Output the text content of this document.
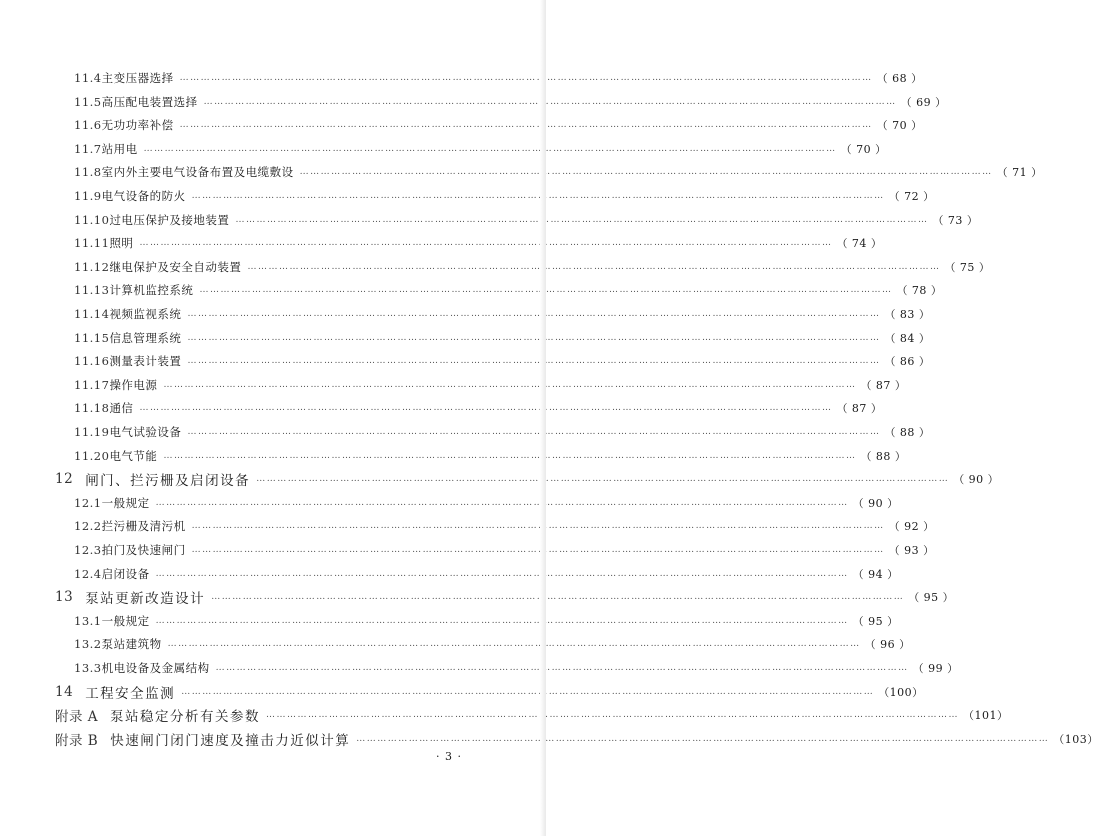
11.4 主变压器选择 ………………………………………………………………………………………………………………………………………………………………………………	（ 68 ）
11.5 高压配电装置选择 ………………………………………………………………………………………………………………………………………………………………………………	（ 69 ）
11.6 无功功率补偿 ………………………………………………………………………………………………………………………………………………………………………………	（ 70 ）
11.7 站用电 ………………………………………………………………………………………………………………………………………………………………………………	（ 70 ）
11.8 室内外主要电气设备布置及电缆敷设 ………………………………………………………………………………………………………………………………………………………………………………	（ 71 ）
11.9 电气设备的防火 ………………………………………………………………………………………………………………………………………………………………………………	（ 72 ）
11.10 过电压保护及接地装置 ………………………………………………………………………………………………………………………………………………………………………………	（ 73 ）
11.11 照明 ………………………………………………………………………………………………………………………………………………………………………………	（ 74 ）
11.12 继电保护及安全自动装置 ………………………………………………………………………………………………………………………………………………………………………………	（ 75 ）
11.13 计算机监控系统 ………………………………………………………………………………………………………………………………………………………………………………	（ 78 ）
11.14 视频监视系统 ………………………………………………………………………………………………………………………………………………………………………………	（ 83 ）
11.15 信息管理系统 ………………………………………………………………………………………………………………………………………………………………………………	（ 84 ）
11.16 测量表计装置 ………………………………………………………………………………………………………………………………………………………………………………	（ 86 ）
11.17 操作电源 ………………………………………………………………………………………………………………………………………………………………………………	（ 87 ）
11.18 通信 ………………………………………………………………………………………………………………………………………………………………………………	（ 87 ）
11.19 电气试验设备 ………………………………………………………………………………………………………………………………………………………………………………	（ 88 ）
11.20 电气节能 ………………………………………………………………………………………………………………………………………………………………………………	（ 88 ）
12 闸门、拦污栅及启闭设备 ………………………………………………………………………………………………………………………………………………………………………………	（ 90 ）
12.1 一般规定 ………………………………………………………………………………………………………………………………………………………………………………	（ 90 ）
12.2 拦污栅及清污机 ………………………………………………………………………………………………………………………………………………………………………………	（ 92 ）
12.3 拍门及快速闸门 ………………………………………………………………………………………………………………………………………………………………………………	（ 93 ）
12.4 启闭设备 ………………………………………………………………………………………………………………………………………………………………………………	（ 94 ）
13 泵站更新改造设计 ………………………………………………………………………………………………………………………………………………………………………………	（ 95 ）
13.1 一般规定 ………………………………………………………………………………………………………………………………………………………………………………	（ 95 ）
13.2 泵站建筑物 ………………………………………………………………………………………………………………………………………………………………………………	（ 96 ）
13.3 机电设备及金属结构 ………………………………………………………………………………………………………………………………………………………………………………	（ 99 ）
14 工程安全监测 ………………………………………………………………………………………………………………………………………………………………………………	（100）
附录 A 泵站稳定分析有关参数 ………………………………………………………………………………………………………………………………………………………………………………	（101）
附录 B 快速闸门闭门速度及撞击力近似计算 ………………………………………………………………………………………………………………………………………………………………………………	（103）
· 3 ·
